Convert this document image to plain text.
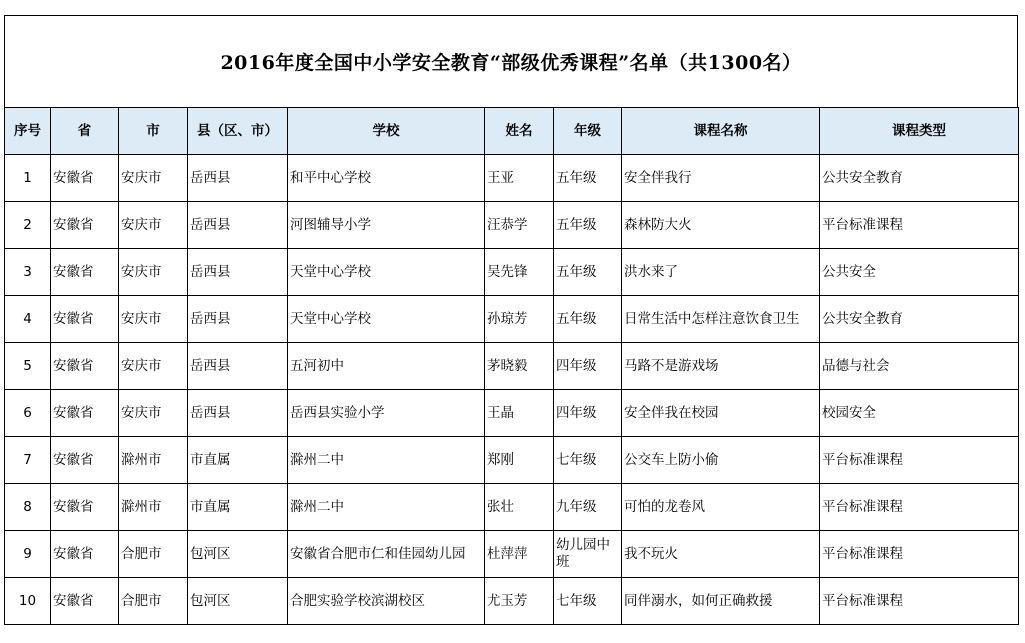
2016年度全国中小学安全教育“部级优秀课程”名单（共1300名）
序号	省	市	县（区、市）	学校	姓名	年级	课程名称	课程类型
1	安徽省	安庆市	岳西县	和平中心学校	王亚	五年级	安全伴我行	公共安全教育
2	安徽省	安庆市	岳西县	河图辅导小学	汪恭学	五年级	森林防大火	平台标准课程
3	安徽省	安庆市	岳西县	天堂中心学校	吴先锋	五年级	洪水来了	公共安全
4	安徽省	安庆市	岳西县	天堂中心学校	孙琼芳	五年级	日常生活中怎样注意饮食卫生	公共安全教育
5	安徽省	安庆市	岳西县	五河初中	茅晓毅	四年级	马路不是游戏场	品德与社会
6	安徽省	安庆市	岳西县	岳西县实验小学	王晶	四年级	安全伴我在校园	校园安全
7	安徽省	滁州市	市直属	滁州二中	郑刚	七年级	公交车上防小偷	平台标准课程
8	安徽省	滁州市	市直属	滁州二中	张壮	九年级	可怕的龙卷风	平台标准课程
9	安徽省	合肥市	包河区	安徽省合肥市仁和佳园幼儿园	杜萍萍	幼儿园中班	我不玩火	平台标准课程
10	安徽省	合肥市	包河区	合肥实验学校滨湖校区	尤玉芳	七年级	同伴溺水，如何正确救援	平台标准课程
